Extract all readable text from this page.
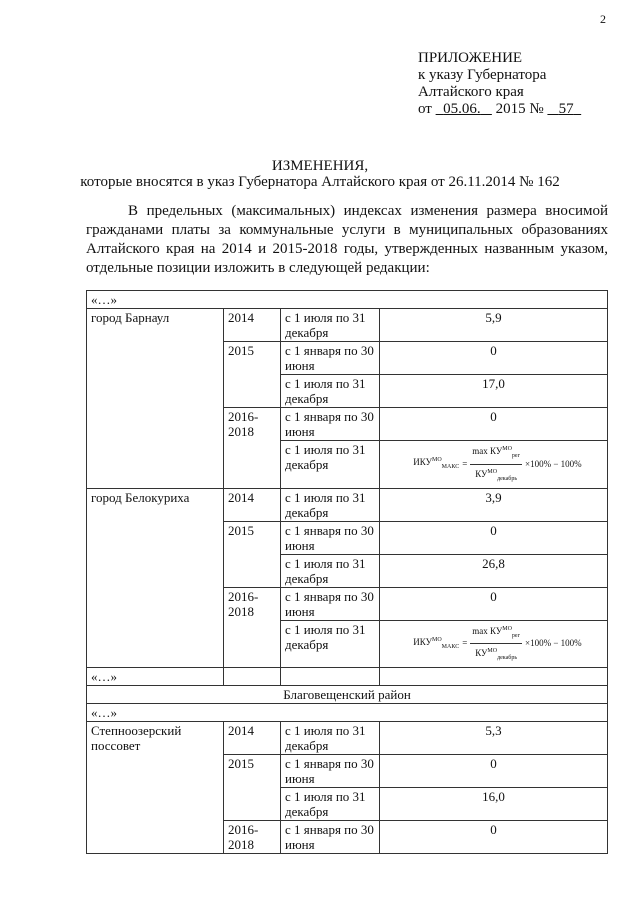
2
ПРИЛОЖЕНИЕ
к указу Губернатора
Алтайского края
от 05.06. 2015 № 57
ИЗМЕНЕНИЯ,
которые вносятся в указ Губернатора Алтайского края от 26.11.2014 № 162

В предельных (максимальных) индексах изменения размера вносимой гражданами платы за коммунальные услуги в муниципальных образованиях Алтайского края на 2014 и 2015-2018 годы, утвержденных названным указом, отдельные позиции изложить в следующей редакции:

«…»			
город Барнаул	2014	с 1 июля по 31 декабря	5,9
	2015	с 1 января по 30 июня	0
		с 1 июля по 31 декабря	17,0
	2016-2018	с 1 января по 30 июня	0
		с 1 июля по 31 декабря	$ИКУ^{МО}_{МАКС} = \frac{\max КУ^{МО}_{рег}}{КУ^{МО}_{декабрь}} \times 100\% - 100\%$

город Белокуриха	2014	с 1 июля по 31 декабря	3,9
	2015	с 1 января по 30 июня	0
		с 1 июля по 31 декабря	26,8
	2016-2018	с 1 января по 30 июня	0
		с 1 июля по 31 декабря	$ИКУ^{МО}_{МАКС} = \frac{\max КУ^{МО}_{рег}}{КУ^{МО}_{декабрь}} \times 100\% - 100\%$

«…»			
Благовещенский район			
«…»			
Степноозерский поссовет	2014	с 1 июля по 31 декабря	5,3
	2015	с 1 января по 30 июня	0
		с 1 июля по 31 декабря	16,0
	2016-2018	с 1 января по 30 июня	0
